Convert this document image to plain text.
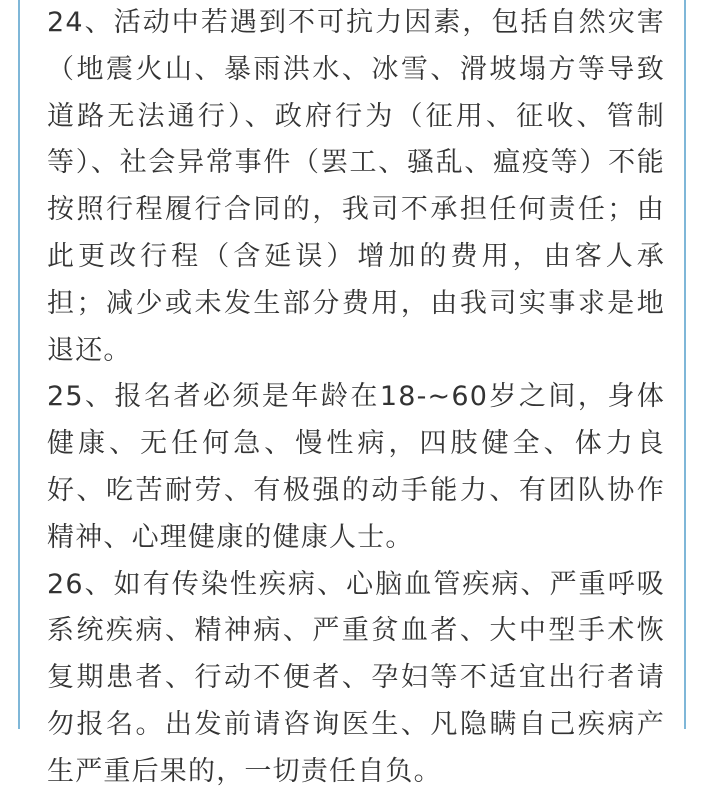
24、活动中若遇到不可抗力因素，包括自然灾害（地震火山、暴雨洪水、冰雪、滑坡塌方等导致道路无法通行）、政府行为（征用、征收、管制等）、社会异常事件（罢工、骚乱、瘟疫等）不能按照行程履行合同的，我司不承担任何责任；由此更改行程（含延误）增加的费用，由客人承担；减少或未发生部分费用，由我司实事求是地退还。

25、报名者必须是年龄在18-~60岁之间，身体健康、无任何急、慢性病，四肢健全、体力良好、吃苦耐劳、有极强的动手能力、有团队协作精神、心理健康的健康人士。

26、如有传染性疾病、心脑血管疾病、严重呼吸系统疾病、精神病、严重贫血者、大中型手术恢复期患者、行动不便者、孕妇等不适宜出行者请勿报名。出发前请咨询医生、凡隐瞒自己疾病产生严重后果的，一切责任自负。
